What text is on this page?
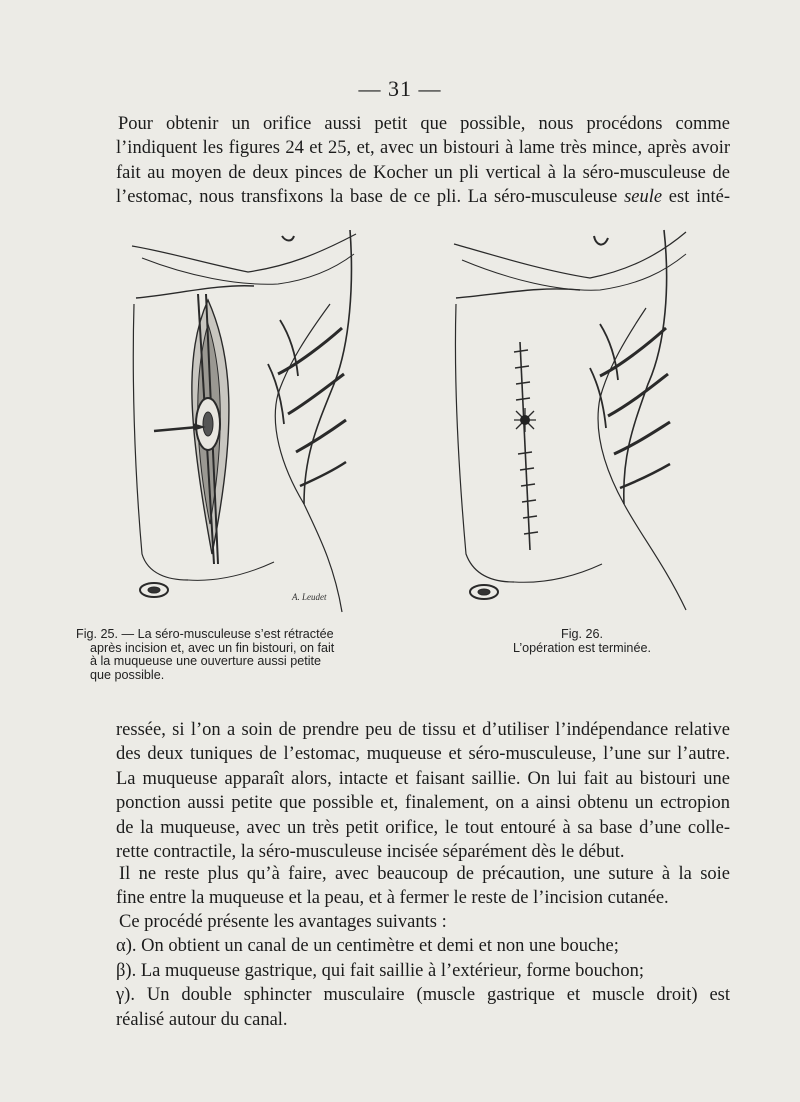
— 31 —
Pour obtenir un orifice aussi petit que possible, nous procédons comme
l’indiquent les figures 24 et 25, et, avec un bistouri à lame très mince, après avoir
fait au moyen de deux pinces de Kocher un pli vertical à la séro-musculeuse de
l’estomac, nous transfixons la base de ce pli. La séro-musculeuse seule est inté-
A. Leudet
Fig. 25. — La séro-musculeuse s’est rétractée
après incision et, avec un fin bistouri, on fait
à la muqueuse une ouverture aussi petite
que possible.
Fig. 26.
L’opération est terminée.
ressée, si l’on a soin de prendre peu de tissu et d’utiliser l’indépendance relative
des deux tuniques de l’estomac, muqueuse et séro-musculeuse, l’une sur l’autre.
La muqueuse apparaît alors, intacte et faisant saillie. On lui fait au bistouri une
ponction aussi petite que possible et, finalement, on a ainsi obtenu un ectropion
de la muqueuse, avec un très petit orifice, le tout entouré à sa base d’une colle-
rette contractile, la séro-musculeuse incisée séparément dès le début.
Il ne reste plus qu’à faire, avec beaucoup de précaution, une suture à la soie
fine entre la muqueuse et la peau, et à fermer le reste de l’incision cutanée.
Ce procédé présente les avantages suivants :
α). On obtient un canal de un centimètre et demi et non une bouche;
β). La muqueuse gastrique, qui fait saillie à l’extérieur, forme bouchon;
γ). Un double sphincter musculaire (muscle gastrique et muscle droit) est
réalisé autour du canal.
